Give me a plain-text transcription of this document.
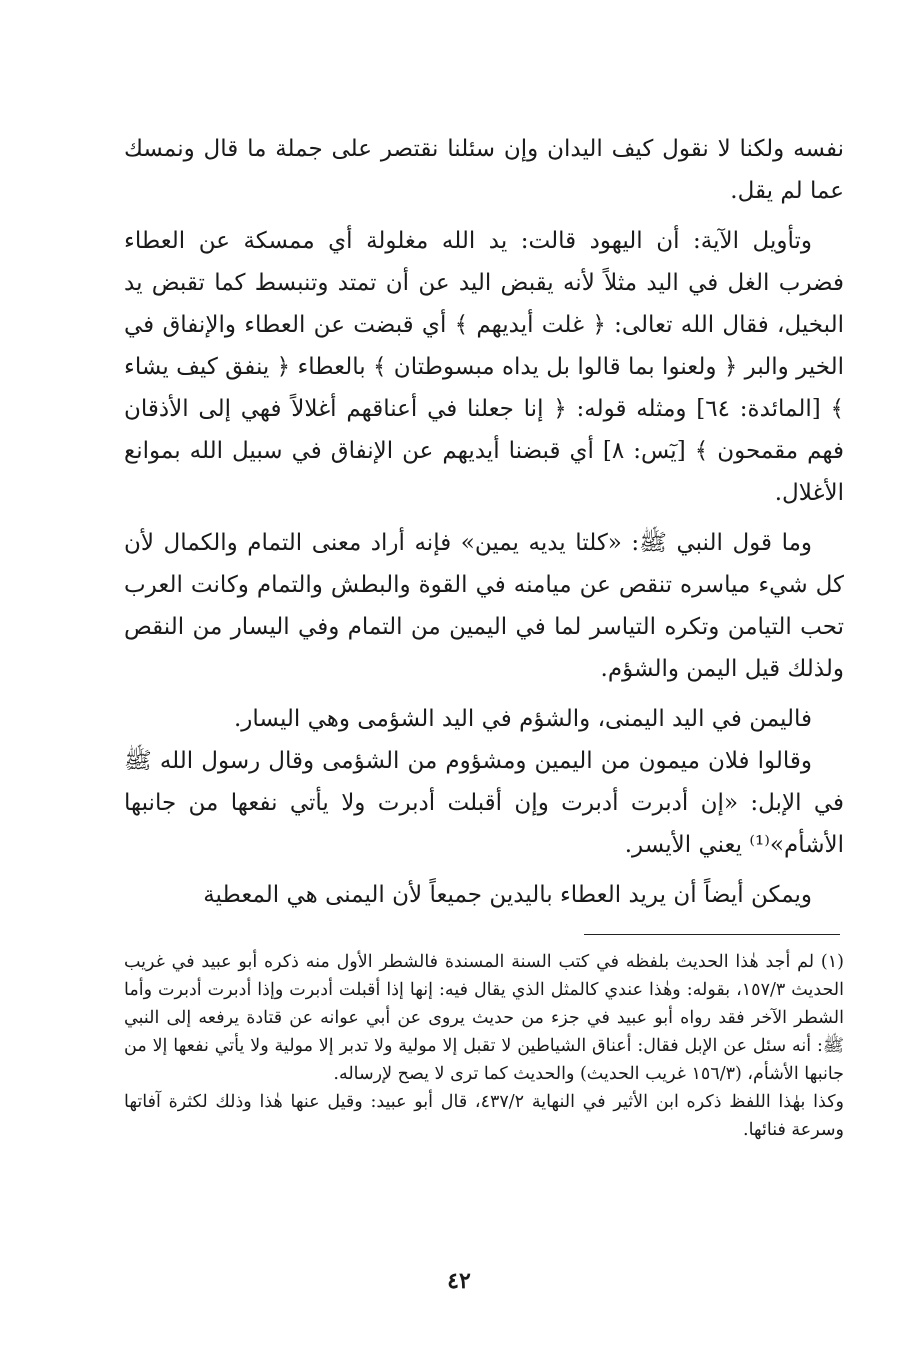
نفسه ولكنا لا نقول كيف اليدان وإن سئلنا نقتصر على جملة ما قال ونمسك عما لم يقل.

وتأويل الآية: أن اليهود قالت: يد الله مغلولة أي ممسكة عن العطاء فضرب الغل في اليد مثلاً لأنه يقبض اليد عن أن تمتد وتنبسط كما تقبض يد البخيل، فقال الله تعالى: ﴿ غلت أيديهم ﴾ أي قبضت عن العطاء والإنفاق في الخير والبر ﴿ ولعنوا بما قالوا بل يداه مبسوطتان ﴾ بالعطاء ﴿ ينفق كيف يشاء ﴾ [المائدة: ٦٤] ومثله قوله: ﴿ إنا جعلنا في أعناقهم أغلالاً فهي إلى الأذقان فهم مقمحون ﴾ [يٓس: ٨] أي قبضنا أيديهم عن الإنفاق في سبيل الله بموانع الأغلال.

وما قول النبي ﷺ: «كلتا يديه يمين» فإنه أراد معنى التمام والكمال لأن كل شيء مياسره تنقص عن ميامنه في القوة والبطش والتمام وكانت العرب تحب التيامن وتكره التياسر لما في اليمين من التمام وفي اليسار من النقص ولذلك قيل اليمن والشؤم.

فاليمن في اليد اليمنى، والشؤم في اليد الشؤمى وهي اليسار.

وقالوا فلان ميمون من اليمين ومشؤوم من الشؤمى وقال رسول الله ﷺ في الإبل: «إن أدبرت أدبرت وإن أقبلت أدبرت ولا يأتي نفعها من جانبها الأشأم»⁽¹⁾ يعني الأيسر.

ويمكن أيضاً أن يريد العطاء باليدين جميعاً لأن اليمنى هي المعطية

(١) لم أجد هٰذا الحديث بلفظه في كتب السنة المسندة فالشطر الأول منه ذكره أبو عبيد في غريب الحديث ١٥٧/٣، بقوله: وهٰذا عندي كالمثل الذي يقال فيه: إنها إذا أقبلت أدبرت وإذا أدبرت أدبرت وأما الشطر الآخر فقد رواه أبو عبيد في جزء من حديث يروى عن أبي عوانه عن قتادة يرفعه إلى النبي ﷺ: أنه سئل عن الإبل فقال: أعناق الشياطين لا تقبل إلا مولية ولا تدبر إلا مولية ولا يأتي نفعها إلا من جانبها الأشأم، (١٥٦/٣ غريب الحديث) والحديث كما ترى لا يصح لإرساله.

وكذا بهٰذا اللفظ ذكره ابن الأثير في النهاية ٤٣٧/٢، قال أبو عبيد: وقيل عنها هٰذا وذلك لكثرة آفاتها وسرعة فنائها.

٤٢
